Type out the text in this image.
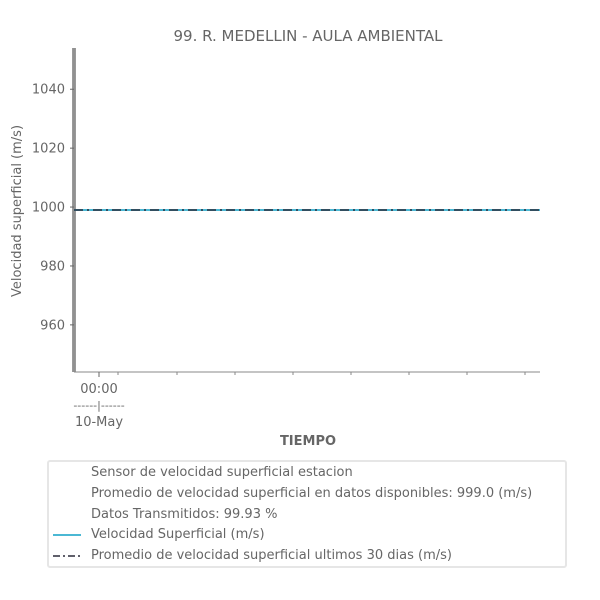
99. R. MEDELLIN - AULA AMBIENTAL
Velocidad superficial (m/s)
TIEMPO
960
980
1000
1020
1040
00:00
------|------
10-May
Sensor de velocidad superficial estacion
Promedio de velocidad superficial en datos disponibles: 999.0 (m/s)
Datos Transmitidos: 99.93 %
Velocidad Superficial (m/s)
Promedio de velocidad superficial ultimos 30 dias (m/s)
